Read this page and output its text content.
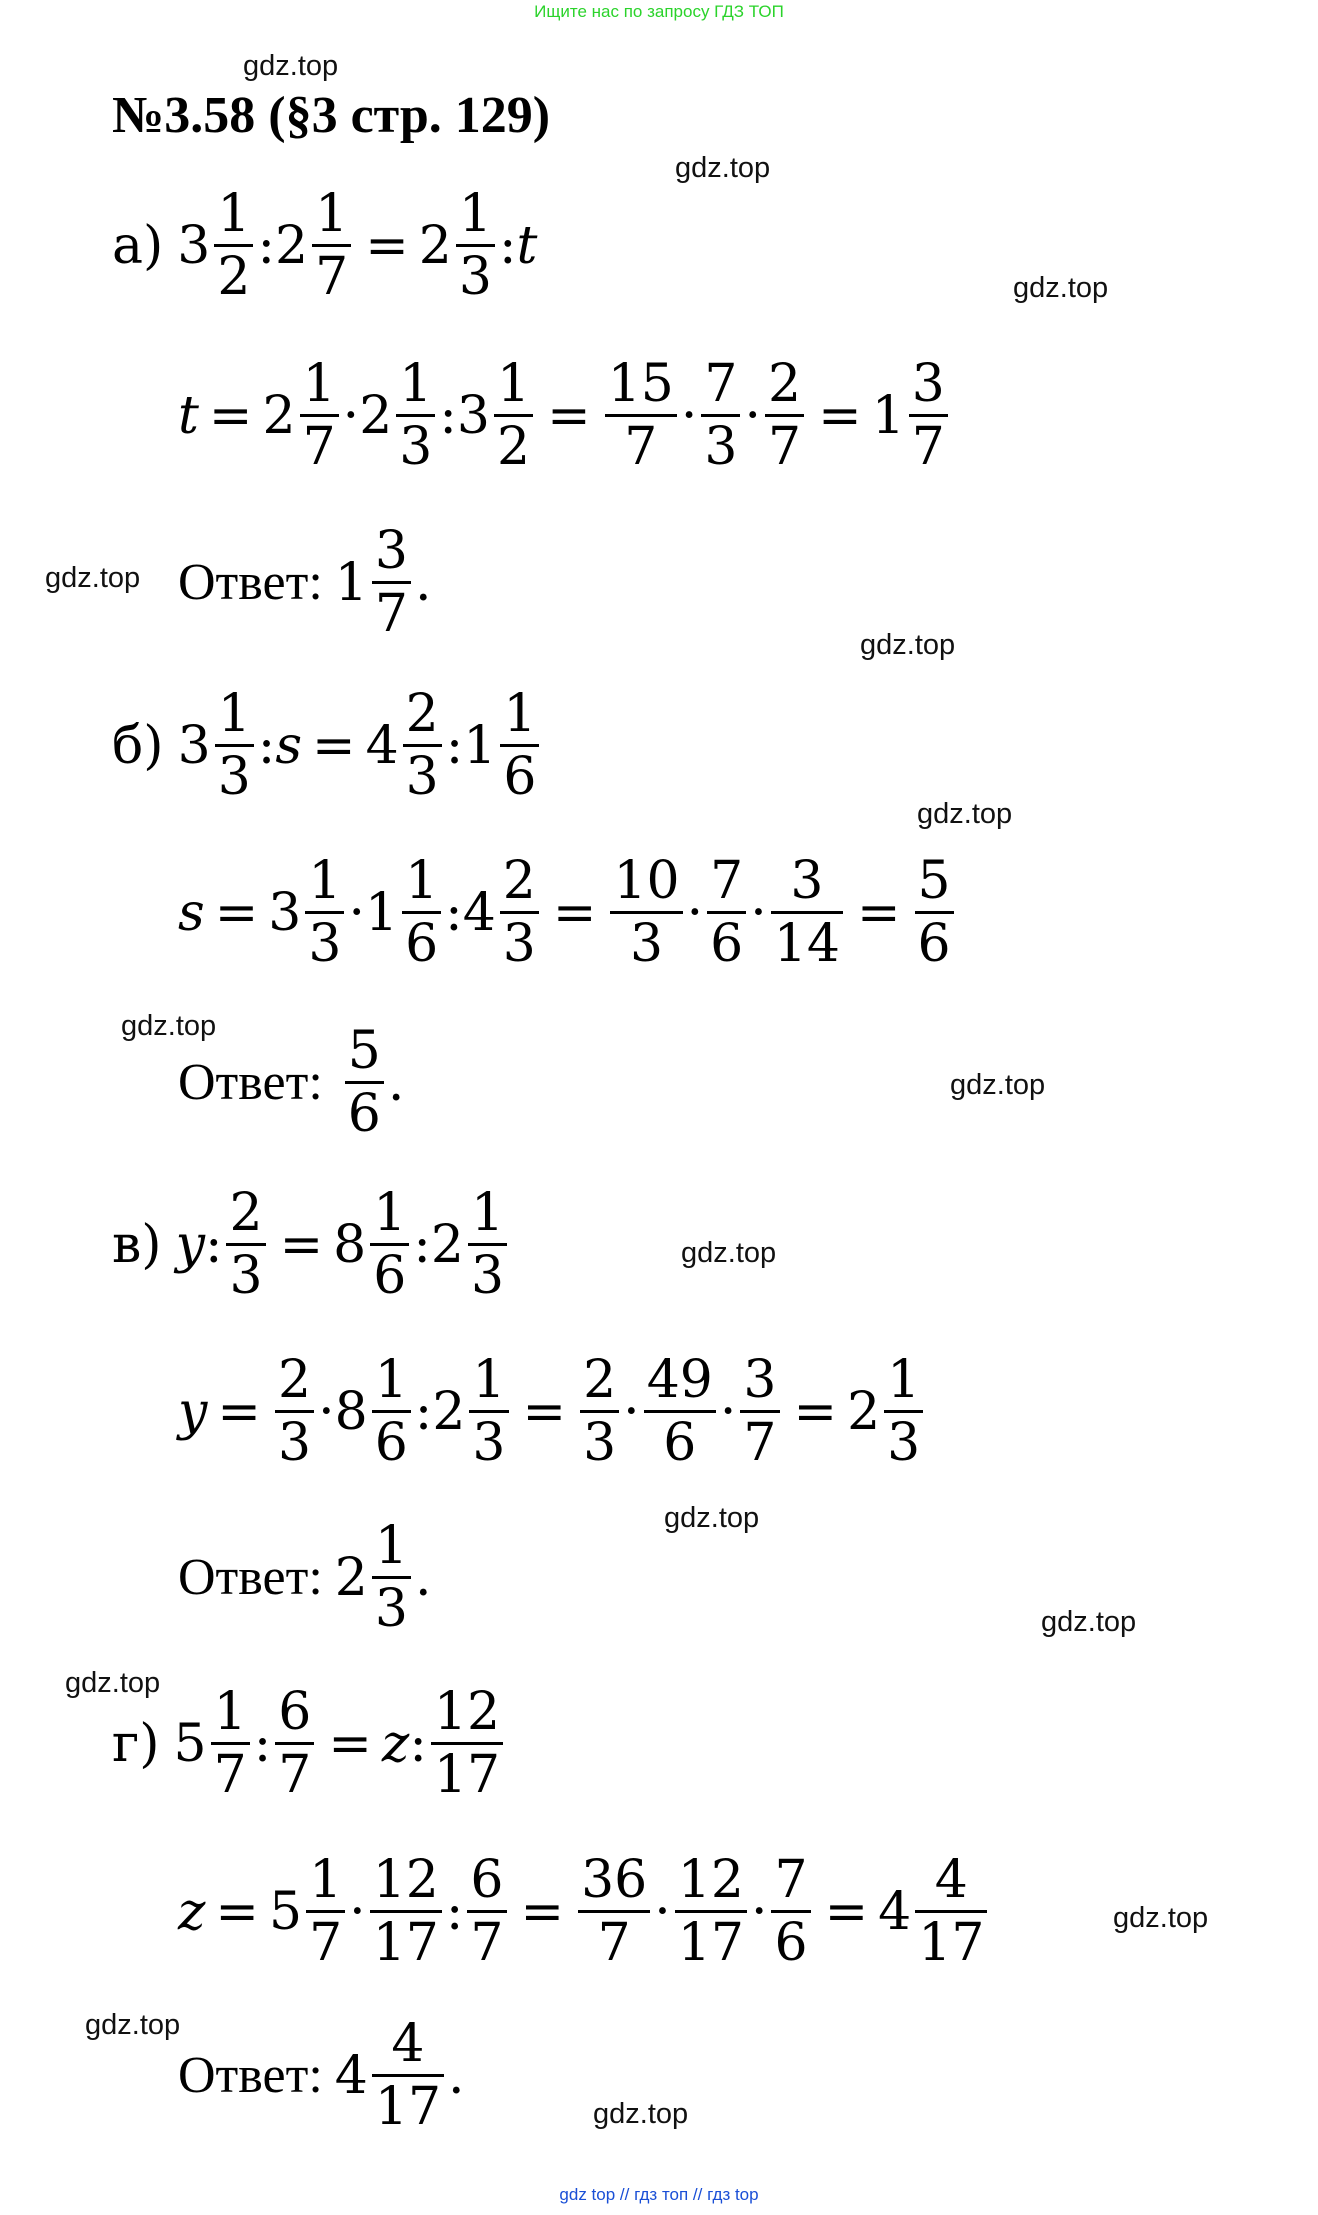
Ищите нас по запросу ГДЗ ТОП
№3.58 (§3 стр. 129)
gdz.top
gdz.top
gdz.top
gdz.top
gdz.top
gdz.top
gdz.top
gdz.top
gdz.top
gdz.top
gdz.top
gdz.top
gdz.top
gdz.top
gdz.top
а) $3 \frac{1}{2}$ : $2 \frac{1}{7} = 2 \frac{1}{3}$ : t
$t = 2 \frac{1}{7} \cdot 2 \frac{1}{3}$ : $3 \frac{1}{2} = \frac{15}{7} \cdot \frac{7}{3} \cdot \frac{2}{7} = 1 \frac{3}{7}$
Ответ: $1 \frac{3}{7}$ .
б) $3 \frac{1}{3}$ : $s = 4 \frac{2}{3}$ : $1 \frac{1}{6}$
$s = 3 \frac{1}{3} \cdot 1 \frac{1}{6}$ : $4 \frac{2}{3} = \frac{10}{3} \cdot \frac{7}{6} \cdot \frac{3}{14} = \frac{5}{6}$
Ответ: $\frac{5}{6}$ .
в) y : $\frac{2}{3} = 8 \frac{1}{6}$ : $2 \frac{1}{3}$
$y = \frac{2}{3} \cdot 8 \frac{1}{6}$ : $2 \frac{1}{3} = \frac{2}{3} \cdot \frac{49}{6} \cdot \frac{3}{7} = 2 \frac{1}{3}$
Ответ: $2 \frac{1}{3}$ .
г) $5 \frac{1}{7}$ : $\frac{6}{7} = z$ : $\frac{12}{17}$
$z = 5 \frac{1}{7} \cdot \frac{12}{17}$ : $\frac{6}{7} = \frac{36}{7} \cdot \frac{12}{17} \cdot \frac{7}{6} = 4 \frac{4}{17}$
Ответ: $4 \frac{4}{17}$ .
gdz top // гдз топ // гдз top
